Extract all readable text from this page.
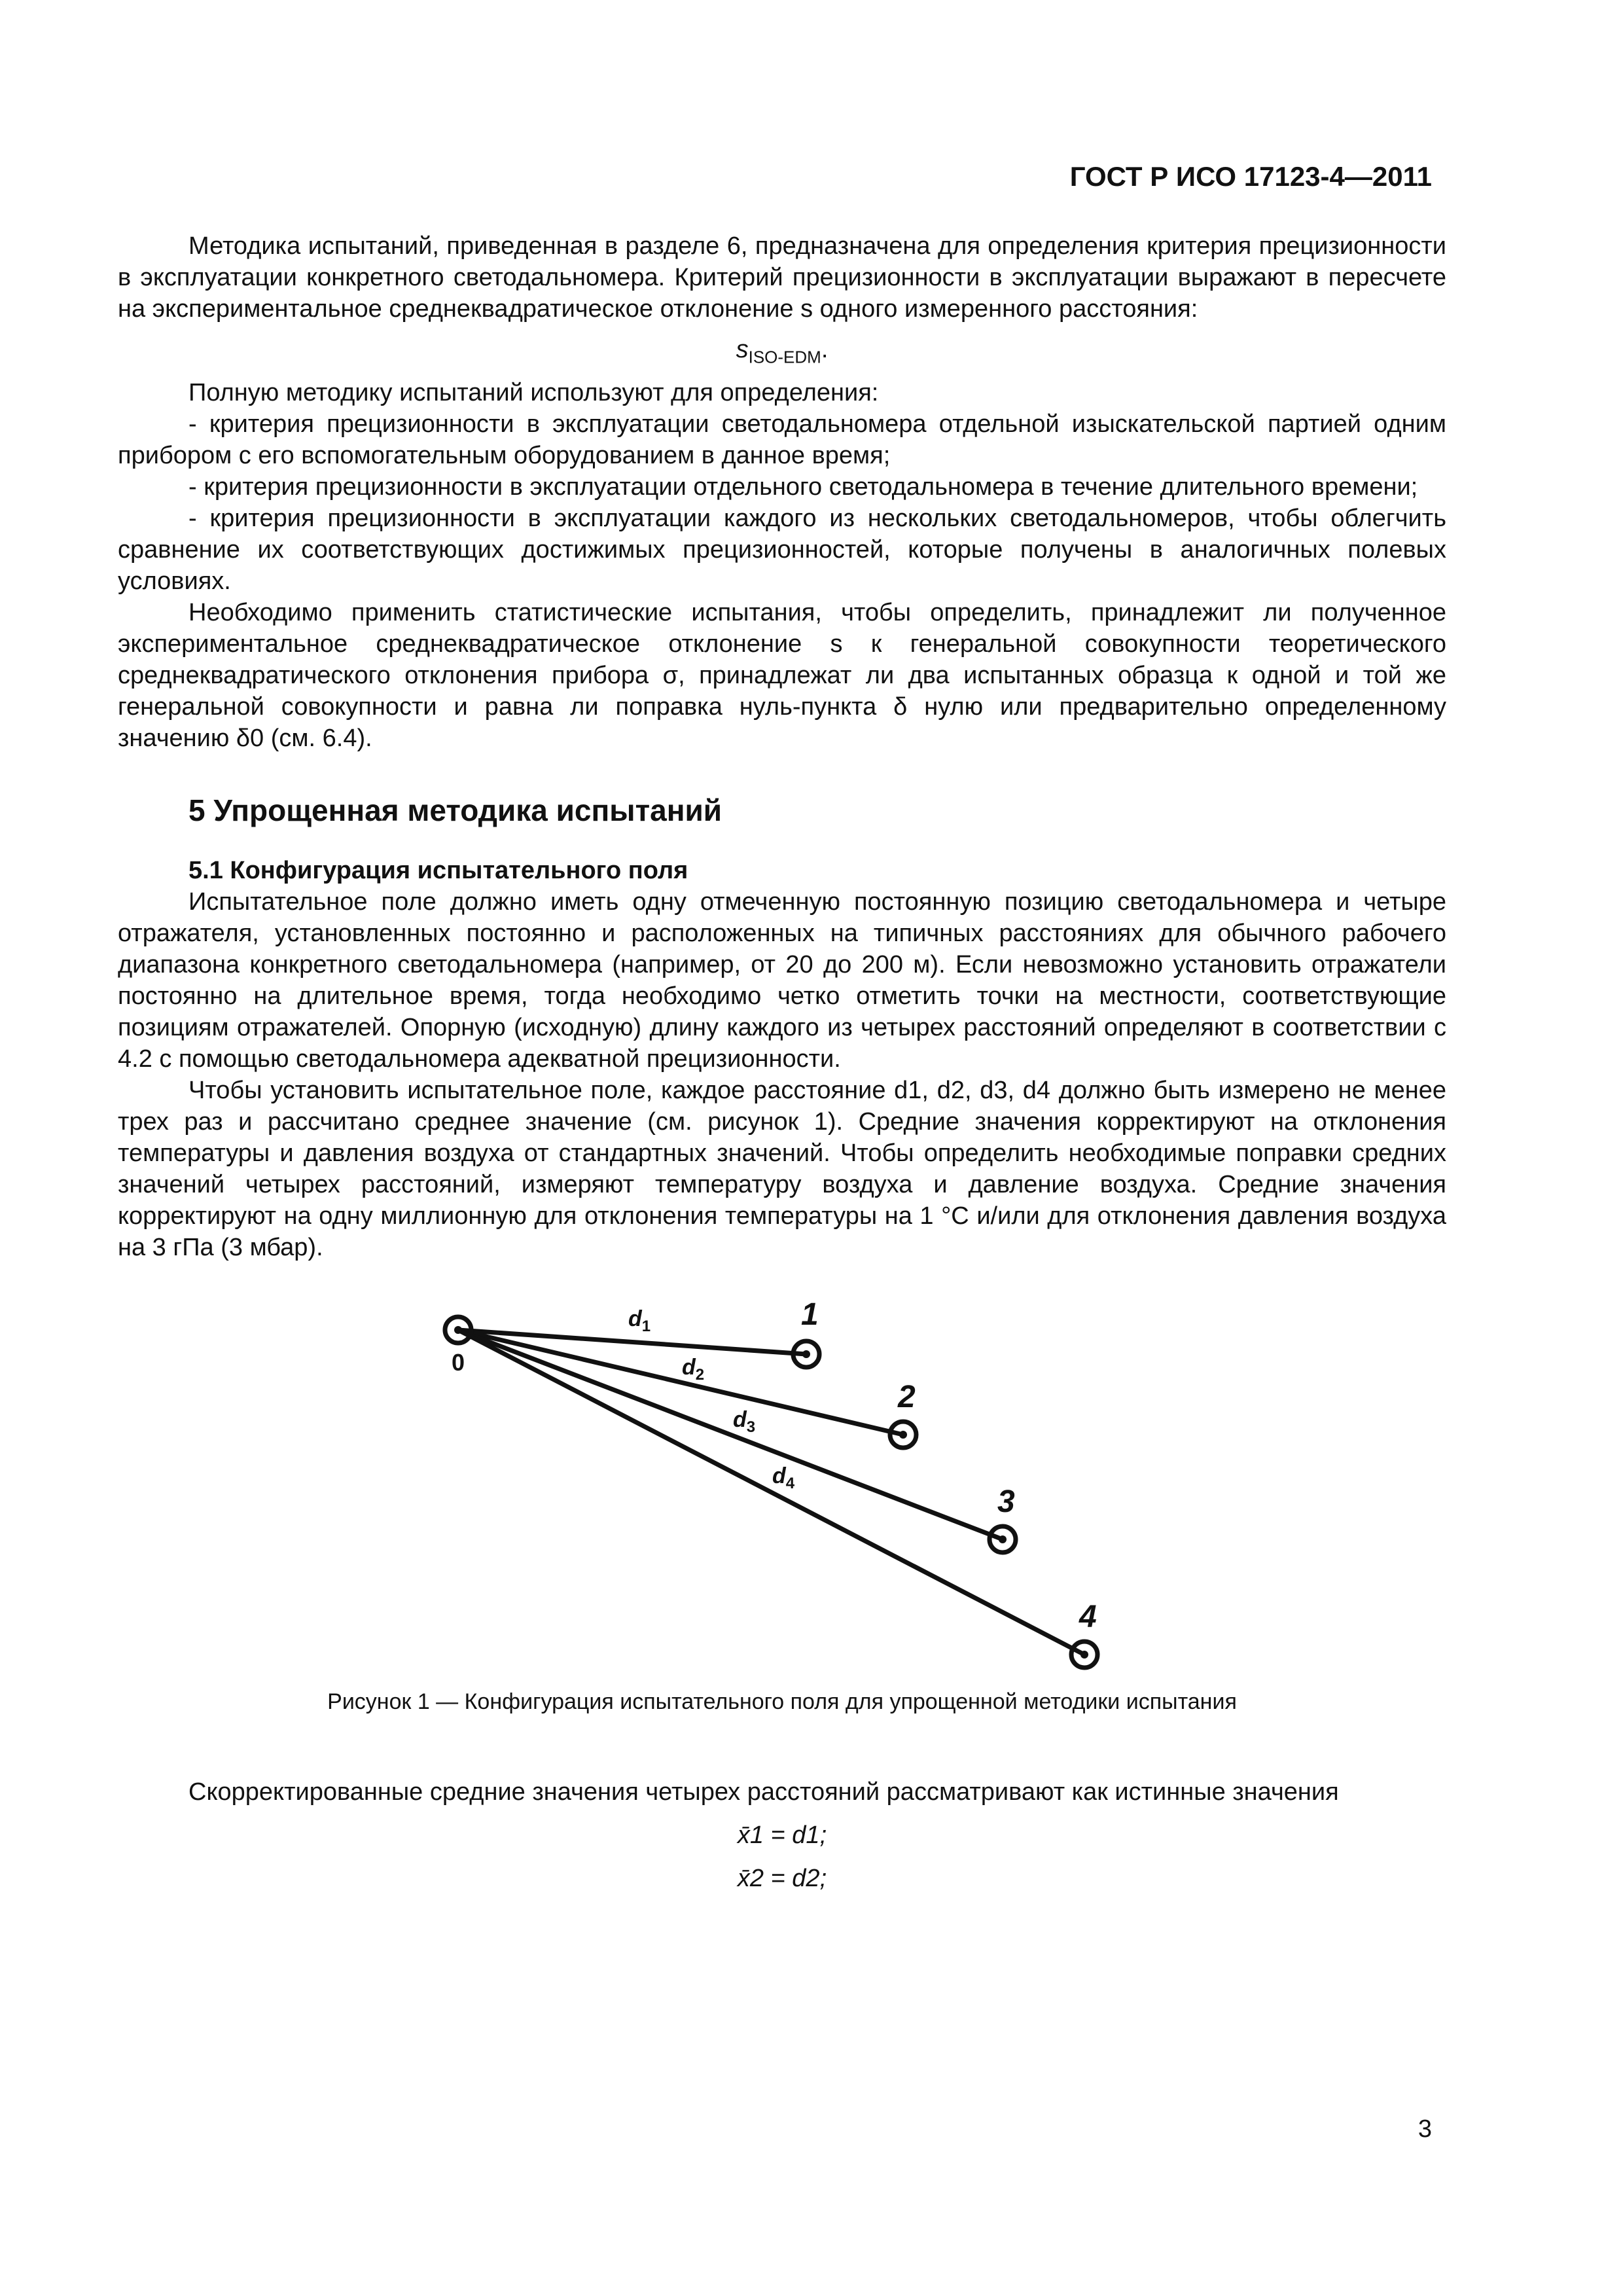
ГОСТ Р ИСО 17123-4—2011

Методика испытаний, приведенная в разделе 6, предназначена для определения критерия прецизионности в эксплуатации конкретного светодальномера. Критерий прецизионности в эксплуатации выражают в пересчете на экспериментальное среднеквадратическое отклонение s одного измеренного расстояния:

$s_{ISO-EDM}$.

Полную методику испытаний используют для определения:

- критерия прецизионности в эксплуатации светодальномера отдельной изыскательской партией одним прибором с его вспомогательным оборудованием в данное время;

- критерия прецизионности в эксплуатации отдельного светодальномера в течение длительного времени;

- критерия прецизионности в эксплуатации каждого из нескольких светодальномеров, чтобы облегчить сравнение их соответствующих достижимых прецизионностей, которые получены в аналогичных полевых условиях.

Необходимо применить статистические испытания, чтобы определить, принадлежит ли полученное экспериментальное среднеквадратическое отклонение s к генеральной совокупности теоретического среднеквадратического отклонения прибора σ, принадлежат ли два испытанных образца к одной и той же генеральной совокупности и равна ли поправка нуль-пункта δ нулю или предварительно определенному значению δ0 (см. 6.4).

5 Упрощенная методика испытаний
5.1 Конфигурация испытательного поля

Испытательное поле должно иметь одну отмеченную постоянную позицию светодальномера и четыре отражателя, установленных постоянно и расположенных на типичных расстояниях для обычного рабочего диапазона конкретного светодальномера (например, от 20 до 200 м). Если невозможно установить отражатели постоянно на длительное время, тогда необходимо четко отметить точки на местности, соответствующие позициям отражателей. Опорную (исходную) длину каждого из четырех расстояний определяют в соответствии с 4.2 с помощью светодальномера адекватной прецизионности.

Чтобы установить испытательное поле, каждое расстояние d1, d2, d3, d4 должно быть измерено не менее трех раз и рассчитано среднее значение (см. рисунок 1). Средние значения корректируют на отклонения температуры и давления воздуха от стандартных значений. Чтобы определить необходимые поправки средних значений четырех расстояний, измеряют температуру воздуха и давление воздуха. Средние значения корректируют на одну миллионную для отклонения температуры на 1 °С и/или для отклонения давления воздуха на 3 гПа (3 мбар).

0
1
2
3
4
$d_1$
$d_2$
$d_3$
$d_4$
Рисунок 1 — Конфигурация испытательного поля для упрощенной методики испытания

Скорректированные средние значения четырех расстояний рассматривают как истинные значения

x̄1 = d1;
x̄2 = d2;
3
